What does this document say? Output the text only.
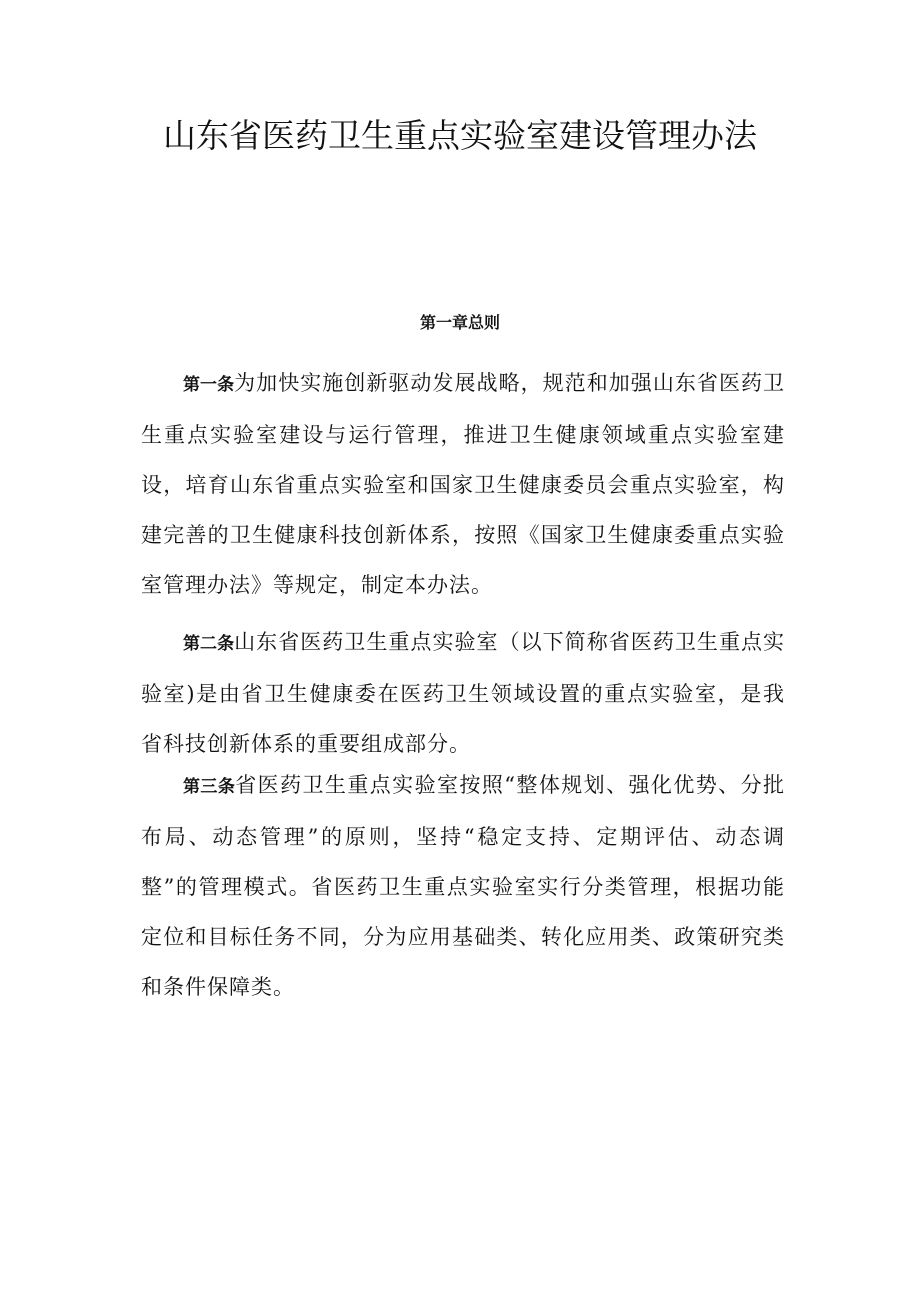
山东省医药卫生重点实验室建设管理办法
第一章总则

第一条为加快实施创新驱动发展战略，规范和加强山东省医药卫生重点实验室建设与运行管理，推进卫生健康领域重点实验室建设，培育山东省重点实验室和国家卫生健康委员会重点实验室，构建完善的卫生健康科技创新体系，按照《国家卫生健康委重点实验室管理办法》等规定，制定本办法。

第二条山东省医药卫生重点实验室（以下简称省医药卫生重点实验室)是由省卫生健康委在医药卫生领域设置的重点实验室，是我省科技创新体系的重要组成部分。

第三条省医药卫生重点实验室按照“整体规划、强化优势、分批布局、动态管理”的原则，坚持“稳定支持、定期评估、动态调整”的管理模式。省医药卫生重点实验室实行分类管理，根据功能定位和目标任务不同，分为应用基础类、转化应用类、政策研究类和条件保障类。
